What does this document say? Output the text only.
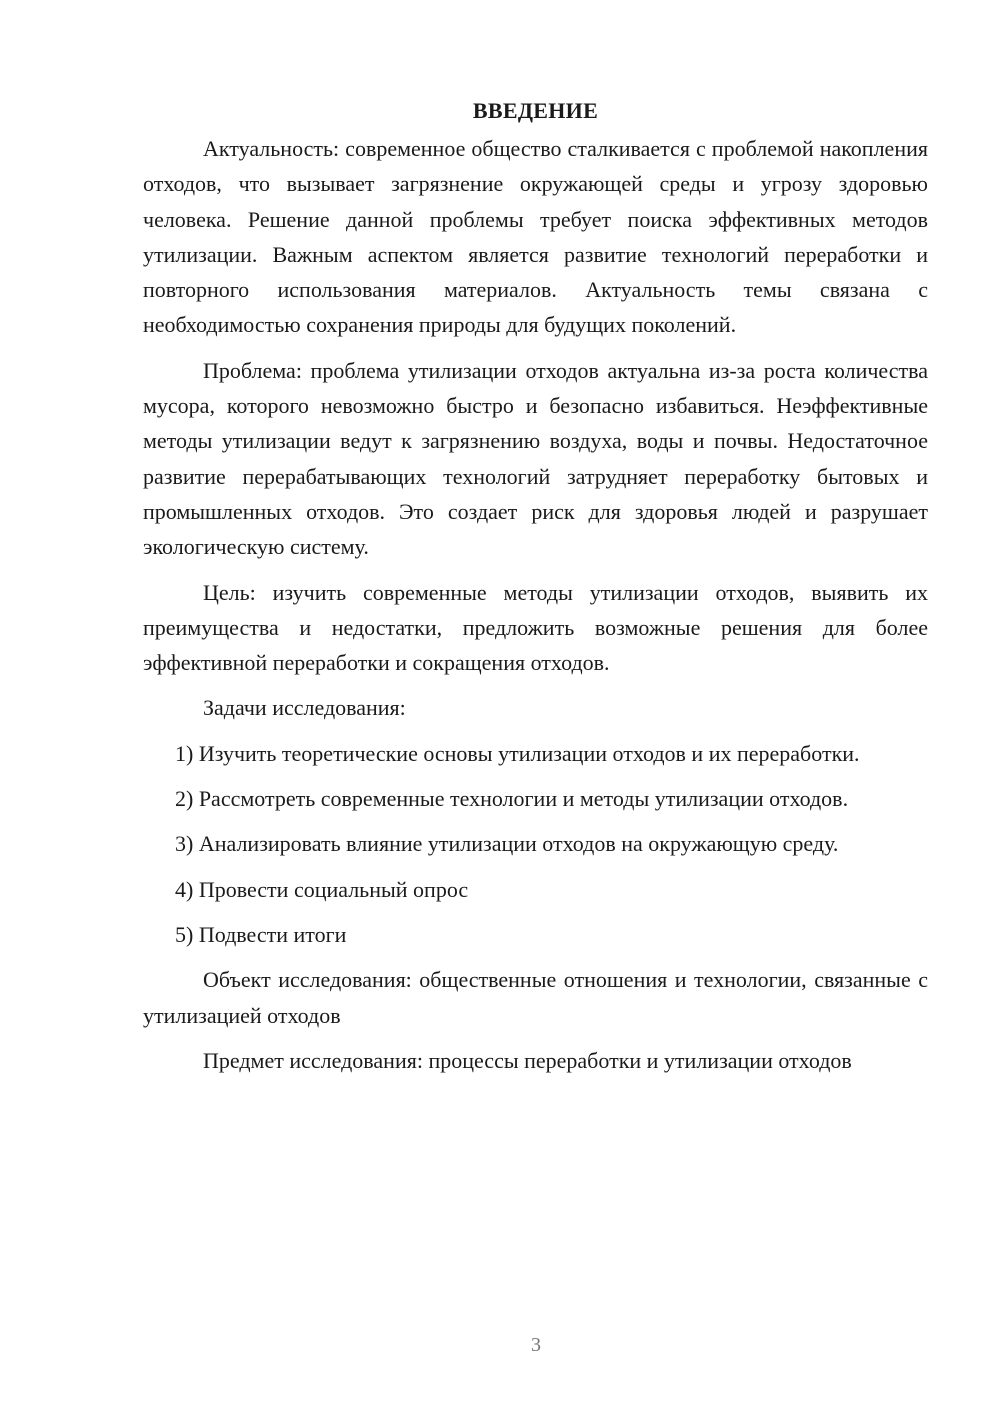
ВВЕДЕНИЕ

Актуальность: современное общество сталкивается с проблемой накопления отходов, что вызывает загрязнение окружающей среды и угрозу здоровью человека. Решение данной проблемы требует поиска эффективных методов утилизации. Важным аспектом является развитие технологий переработки и повторного использования материалов. Актуальность темы связана с необходимостью сохранения природы для будущих поколений.

Проблема: проблема утилизации отходов актуальна из-за роста количества мусора, которого невозможно быстро и безопасно избавиться. Неэффективные методы утилизации ведут к загрязнению воздуха, воды и почвы. Недостаточное развитие перерабатывающих технологий затрудняет переработку бытовых и промышленных отходов. Это создает риск для здоровья людей и разрушает экологическую систему.

Цель: изучить современные методы утилизации отходов, выявить их преимущества и недостатки, предложить возможные решения для более эффективной переработки и сокращения отходов.

Задачи исследования:

1) Изучить теоретические основы утилизации отходов и их переработки.

2) Рассмотреть современные технологии и методы утилизации отходов.

3) Анализировать влияние утилизации отходов на окружающую среду.

4) Провести социальный опрос

5) Подвести итоги

Объект исследования: общественные отношения и технологии, связанные с утилизацией отходов

Предмет исследования: процессы переработки и утилизации отходов

3
